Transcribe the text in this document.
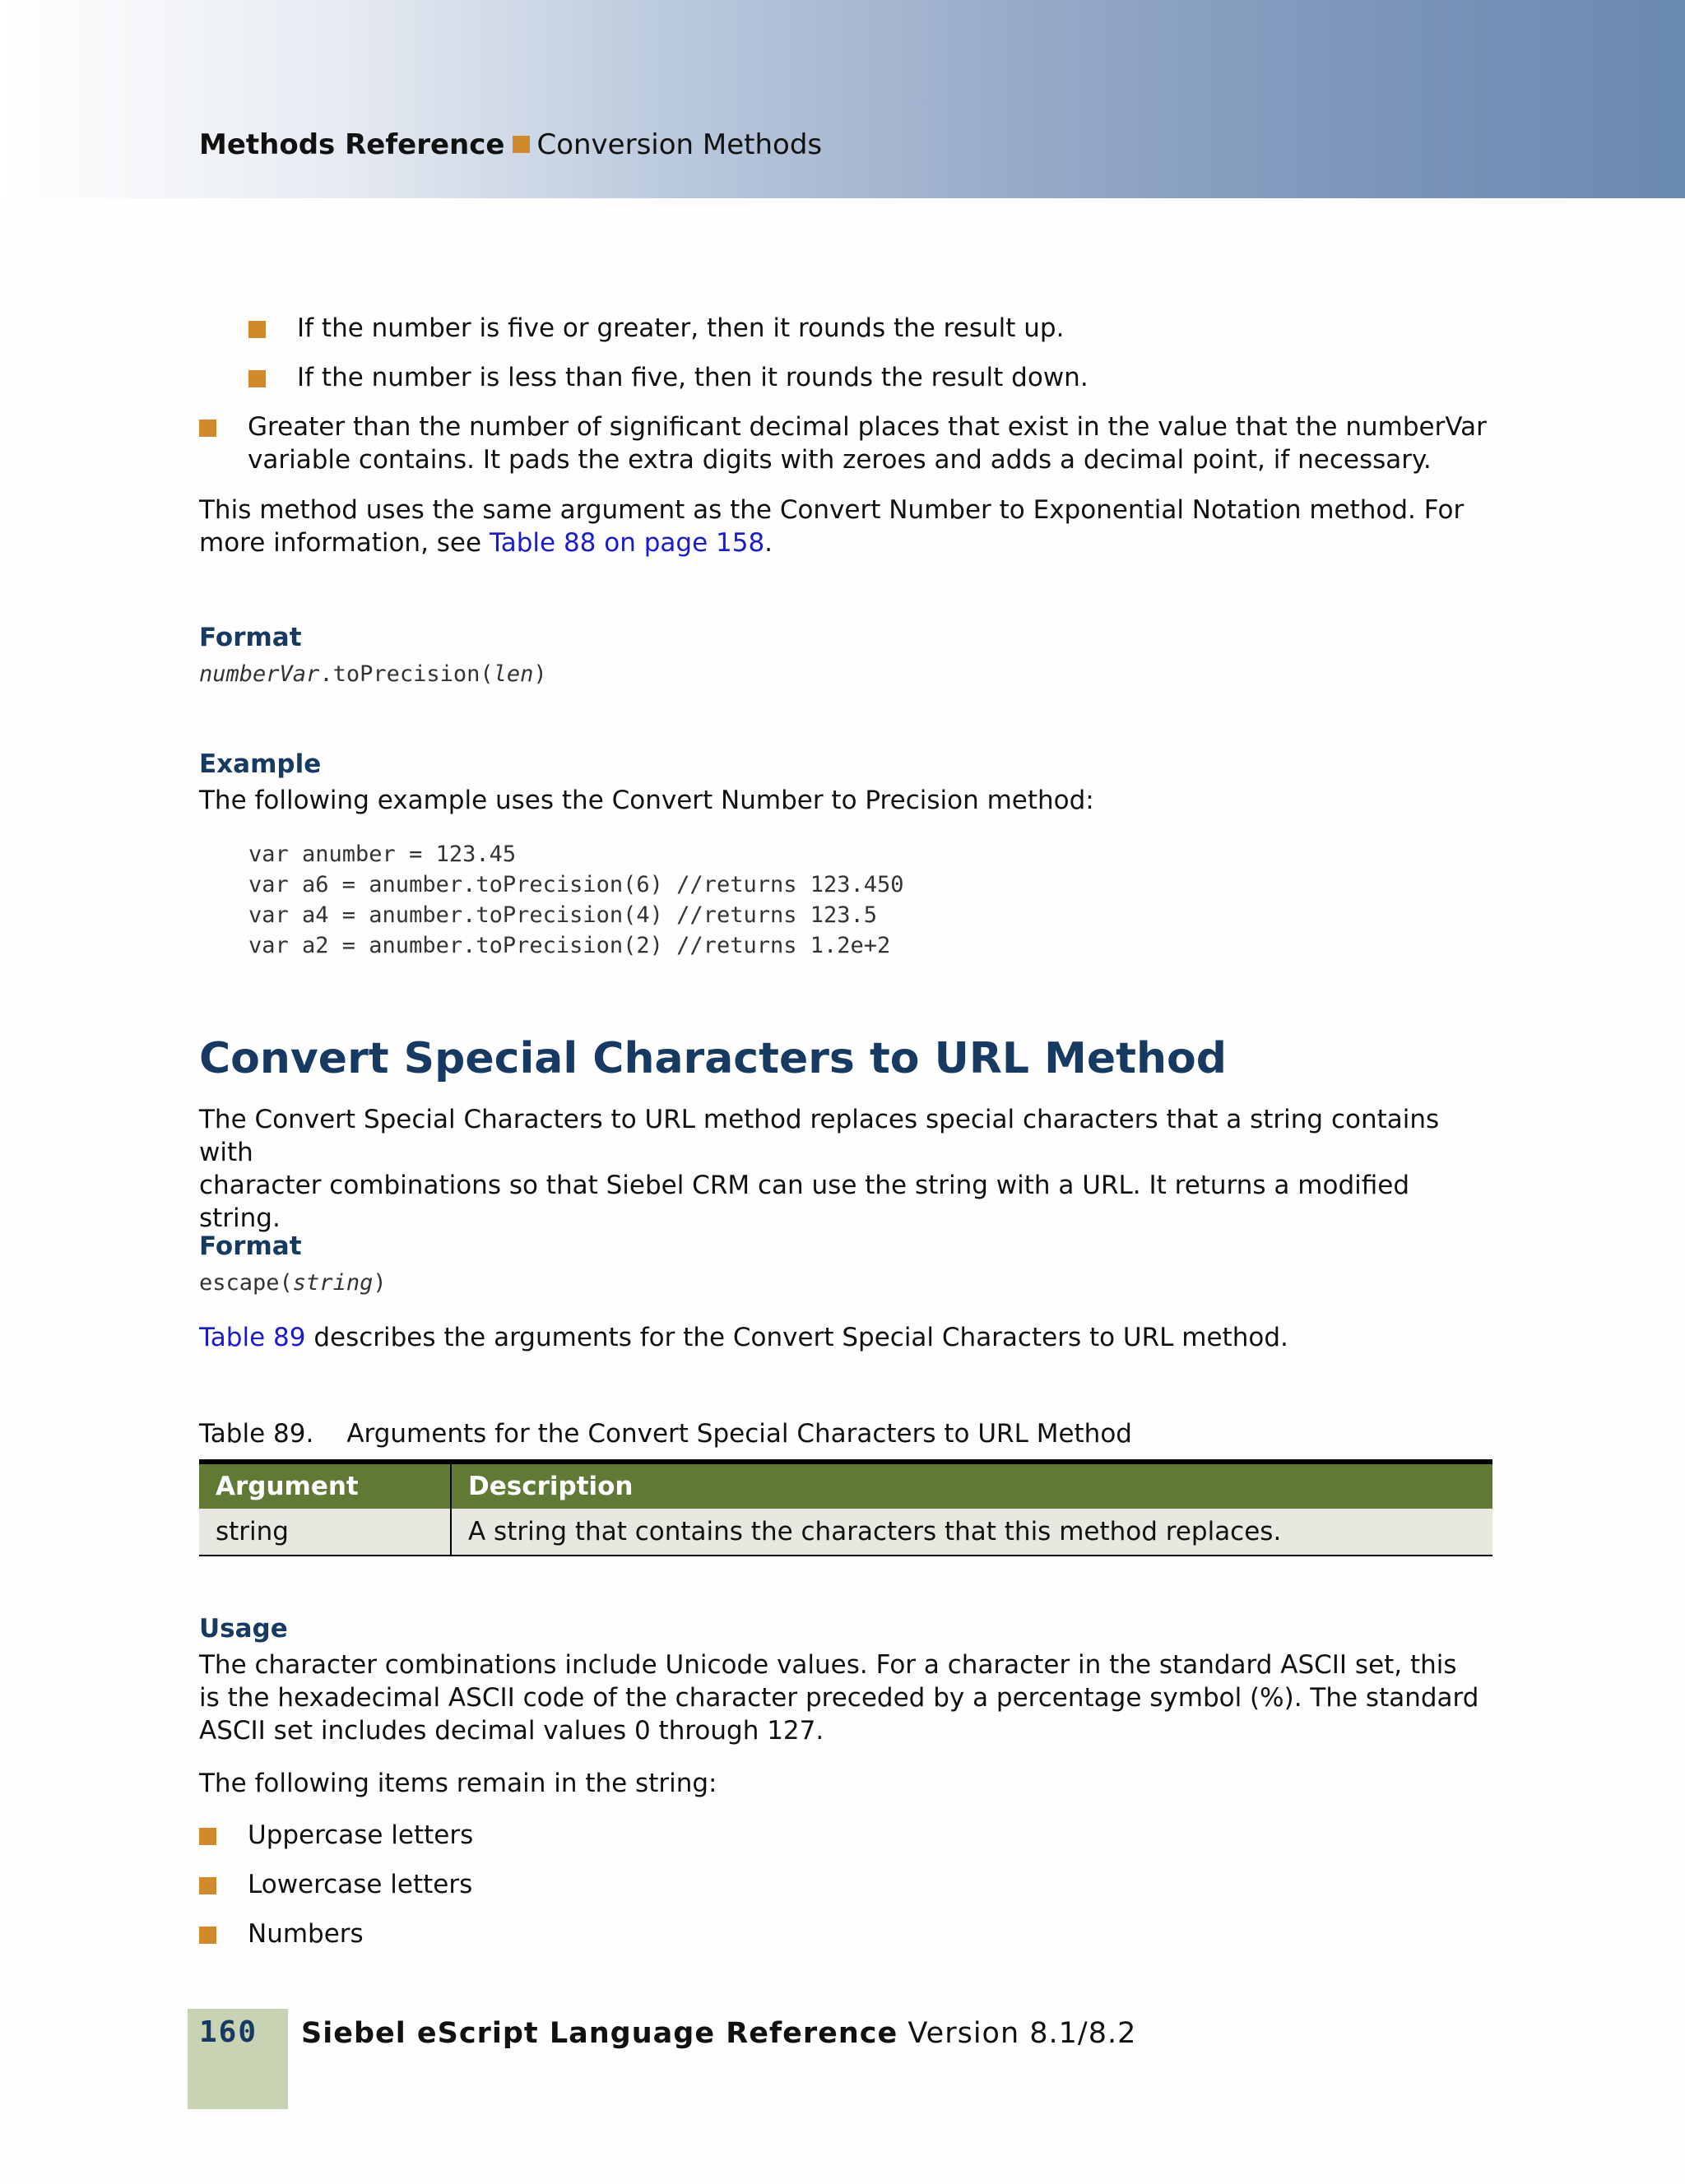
Methods Reference Conversion Methods
If the number is five or greater, then it rounds the result up.
If the number is less than five, then it rounds the result down.
Greater than the number of significant decimal places that exist in the value that the numberVar
variable contains. It pads the extra digits with zeroes and adds a decimal point, if necessary.
This method uses the same argument as the Convert Number to Exponential Notation method. For
more information, see Table 88 on page 158.
Format
numberVar.toPrecision(len)
Example
The following example uses the Convert Number to Precision method:
var anumber = 123.45
var a6 = anumber.toPrecision(6) //returns 123.450
var a4 = anumber.toPrecision(4) //returns 123.5
var a2 = anumber.toPrecision(2) //returns 1.2e+2
Convert Special Characters to URL Method
The Convert Special Characters to URL method replaces special characters that a string contains with
character combinations so that Siebel CRM can use the string with a URL. It returns a modified string.
Format
escape(string)
Table 89 describes the arguments for the Convert Special Characters to URL method.
Table 89. Arguments for the Convert Special Characters to URL Method
Argument	Description
string	A string that contains the characters that this method replaces.
Usage
The character combinations include Unicode values. For a character in the standard ASCII set, this
is the hexadecimal ASCII code of the character preceded by a percentage symbol (%). The standard
ASCII set includes decimal values 0 through 127.
The following items remain in the string:
Uppercase letters
Lowercase letters
Numbers
160 Siebel eScript Language Reference Version 8.1/8.2
